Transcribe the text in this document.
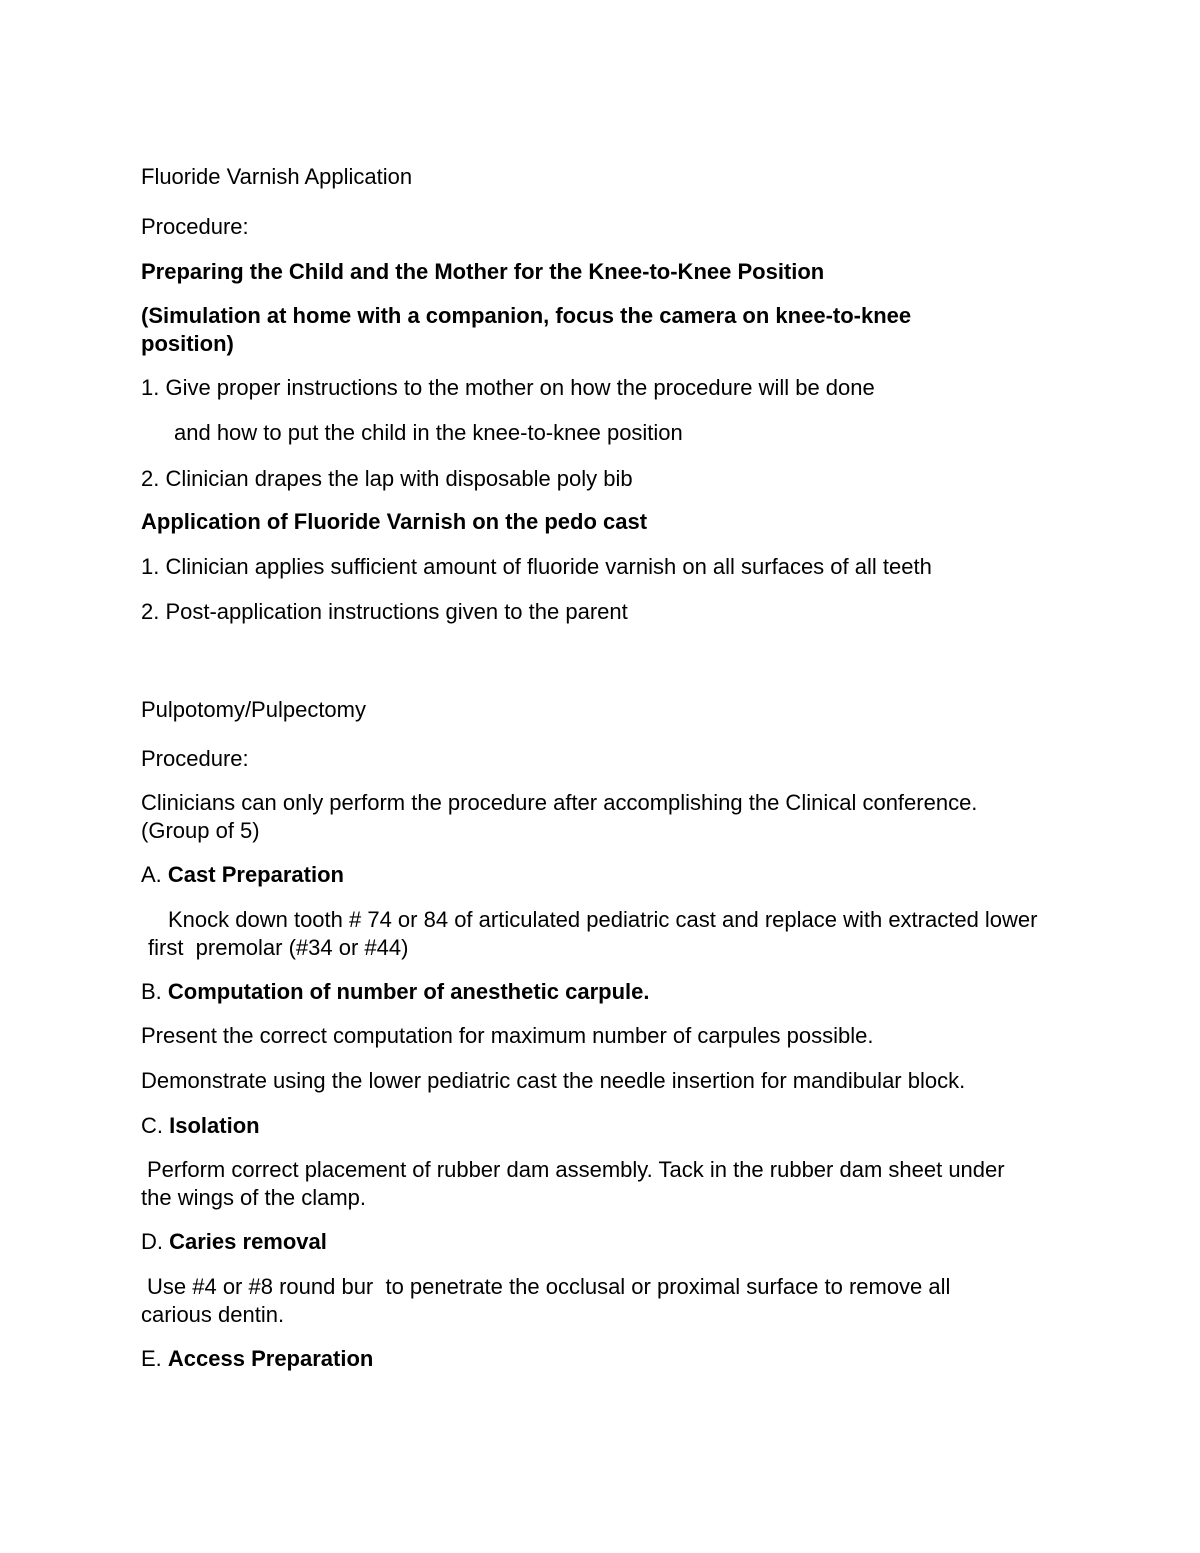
Fluoride Varnish Application

Procedure:

Preparing the Child and the Mother for the Knee-to-Knee Position

(Simulation at home with a companion, focus the camera on knee-to-knee position)

1. Give proper instructions to the mother on how the procedure will be done

and how to put the child in the knee-to-knee position

2. Clinician drapes the lap with disposable poly bib

Application of Fluoride Varnish on the pedo cast

1. Clinician applies sufficient amount of fluoride varnish on all surfaces of all teeth

2. Post-application instructions given to the parent

Pulpotomy/Pulpectomy

Procedure:

Clinicians can only perform the procedure after accomplishing the Clinical conference. (Group of 5)

A. Cast Preparation

Knock down tooth # 74 or 84 of articulated pediatric cast and replace with extracted lower first  premolar (#34 or #44)

B. Computation of number of anesthetic carpule.

Present the correct computation for maximum number of carpules possible.

Demonstrate using the lower pediatric cast the needle insertion for mandibular block.

C. Isolation

Perform correct placement of rubber dam assembly. Tack in the rubber dam sheet under the wings of the clamp.

D. Caries removal

Use #4 or #8 round bur  to penetrate the occlusal or proximal surface to remove all carious dentin.

E. Access Preparation
